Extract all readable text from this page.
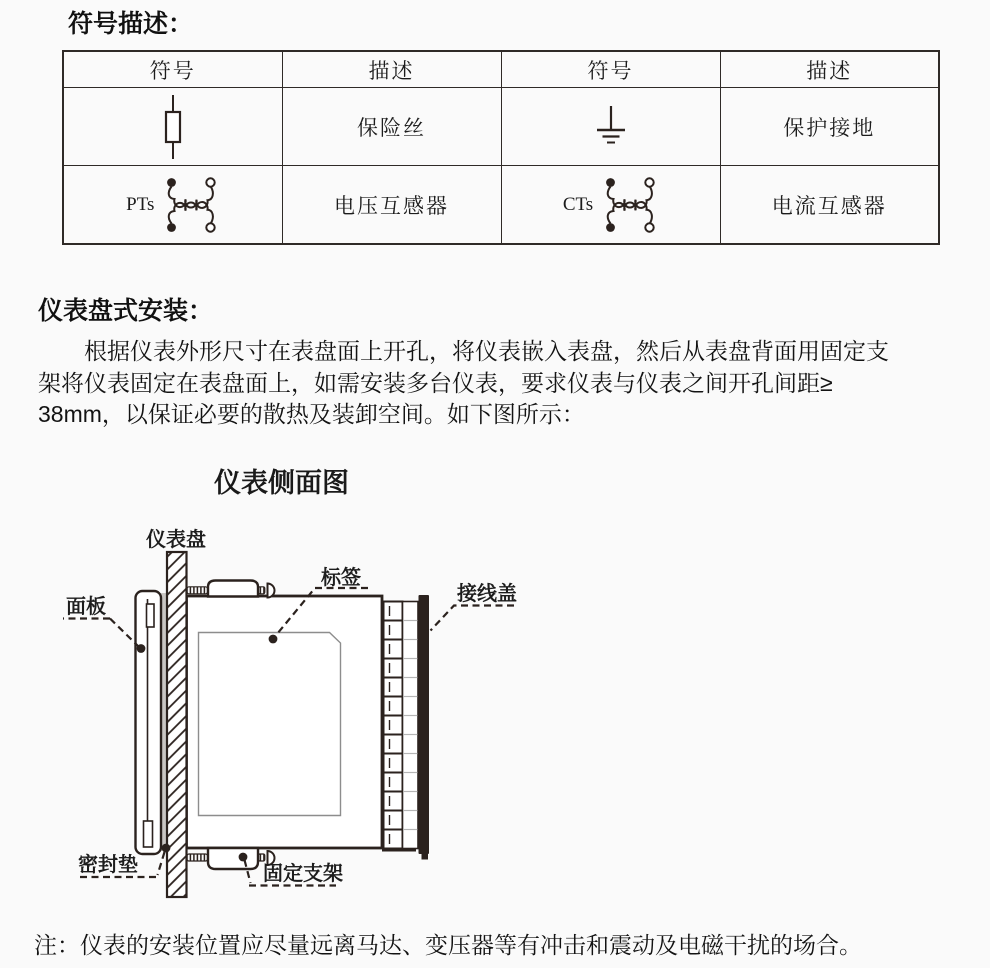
符号描述：
符号	描述	符号	描述

	保险丝		保护接地

PTs	电压互感器	CTs	电流互感器
仪表盘式安装：
根据仪表外形尺寸在表盘面上开孔，将仪表嵌入表盘，然后从表盘背面用固定支
架将仪表固定在表盘面上，如需安装多台仪表，要求仪表与仪表之间开孔间距≥
38mm，以保证必要的散热及装卸空间。如下图所示：
仪表侧面图
仪表盘
面板
标签
接线盖
密封垫	固定支架
注：仪表的安装位置应尽量远离马达、变压器等有冲击和震动及电磁干扰的场合。
